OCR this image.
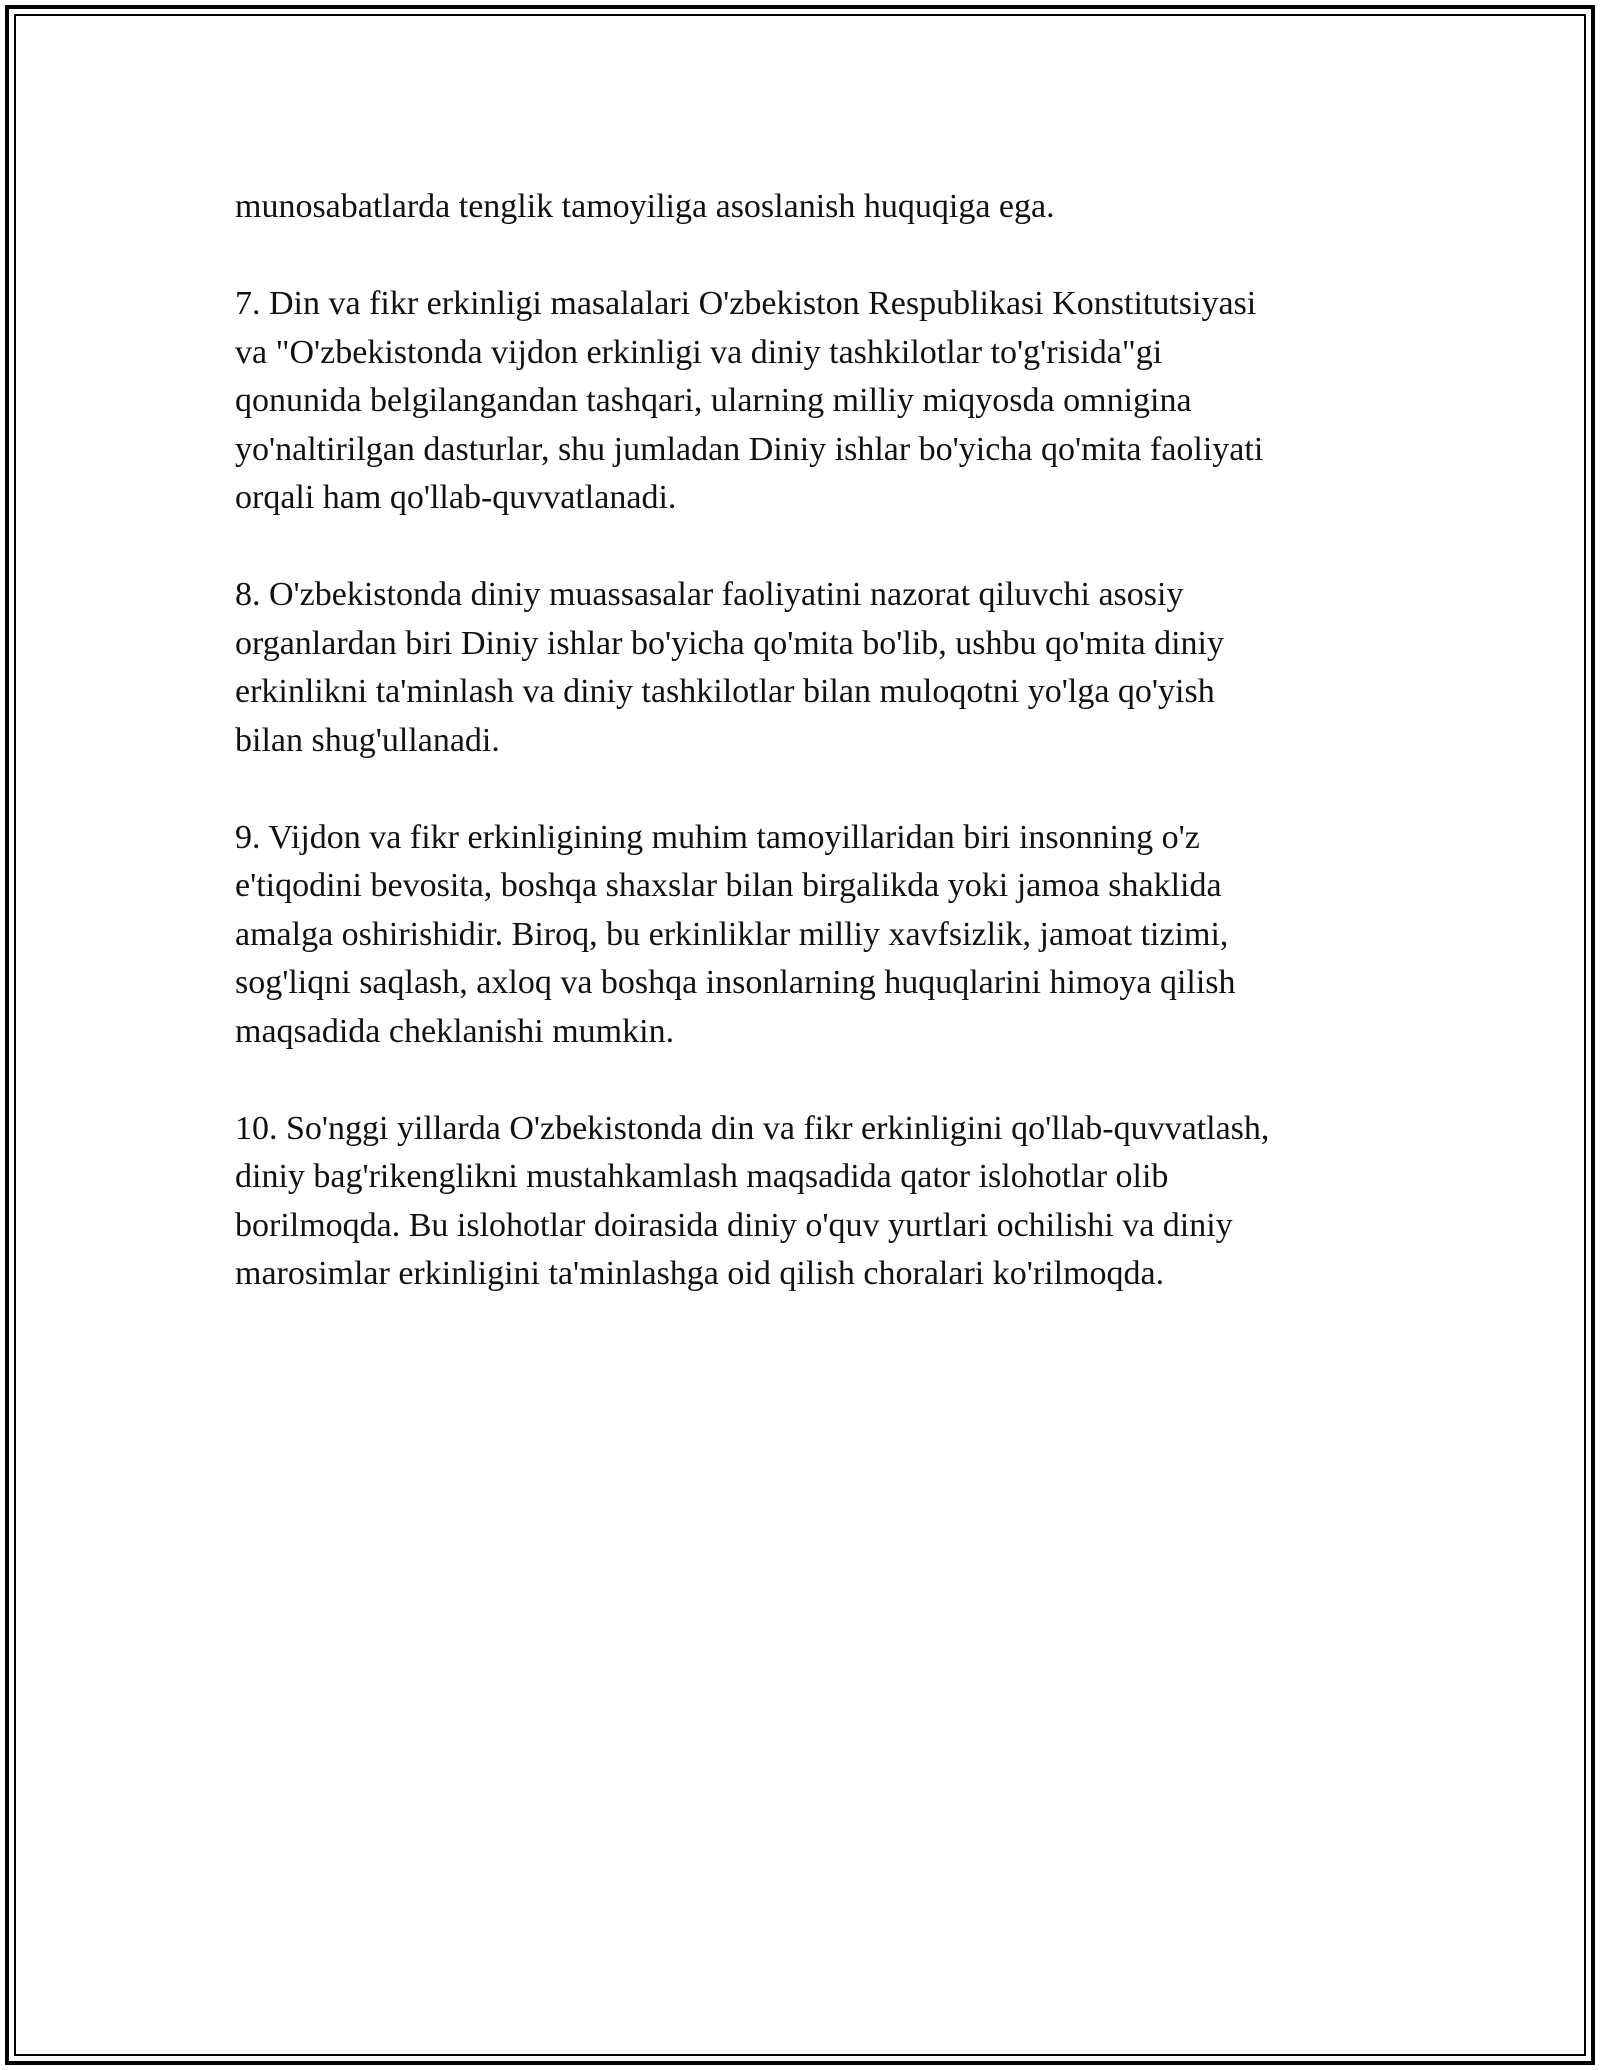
munosabatlarda tenglik tamoyiliga asoslanish huquqiga ega.

7. Din va fikr erkinligi masalalari O'zbekiston Respublikasi Konstitutsiyasi
va "O'zbekistonda vijdon erkinligi va diniy tashkilotlar to'g'risida"gi
qonunida belgilangandan tashqari, ularning milliy miqyosda omnigina
yo'naltirilgan dasturlar, shu jumladan Diniy ishlar bo'yicha qo'mita faoliyati
orqali ham qo'llab-quvvatlanadi.

8. O'zbekistonda diniy muassasalar faoliyatini nazorat qiluvchi asosiy
organlardan biri Diniy ishlar bo'yicha qo'mita bo'lib, ushbu qo'mita diniy
erkinlikni ta'minlash va diniy tashkilotlar bilan muloqotni yo'lga qo'yish
bilan shug'ullanadi.

9. Vijdon va fikr erkinligining muhim tamoyillaridan biri insonning o'z
e'tiqodini bevosita, boshqa shaxslar bilan birgalikda yoki jamoa shaklida
amalga oshirishidir. Biroq, bu erkinliklar milliy xavfsizlik, jamoat tizimi,
sog'liqni saqlash, axloq va boshqa insonlarning huquqlarini himoya qilish
maqsadida cheklanishi mumkin.

10. So'nggi yillarda O'zbekistonda din va fikr erkinligini qo'llab-quvvatlash,
diniy bag'rikenglikni mustahkamlash maqsadida qator islohotlar olib
borilmoqda. Bu islohotlar doirasida diniy o'quv yurtlari ochilishi va diniy
marosimlar erkinligini ta'minlashga oid qilish choralari ko'rilmoqda.
